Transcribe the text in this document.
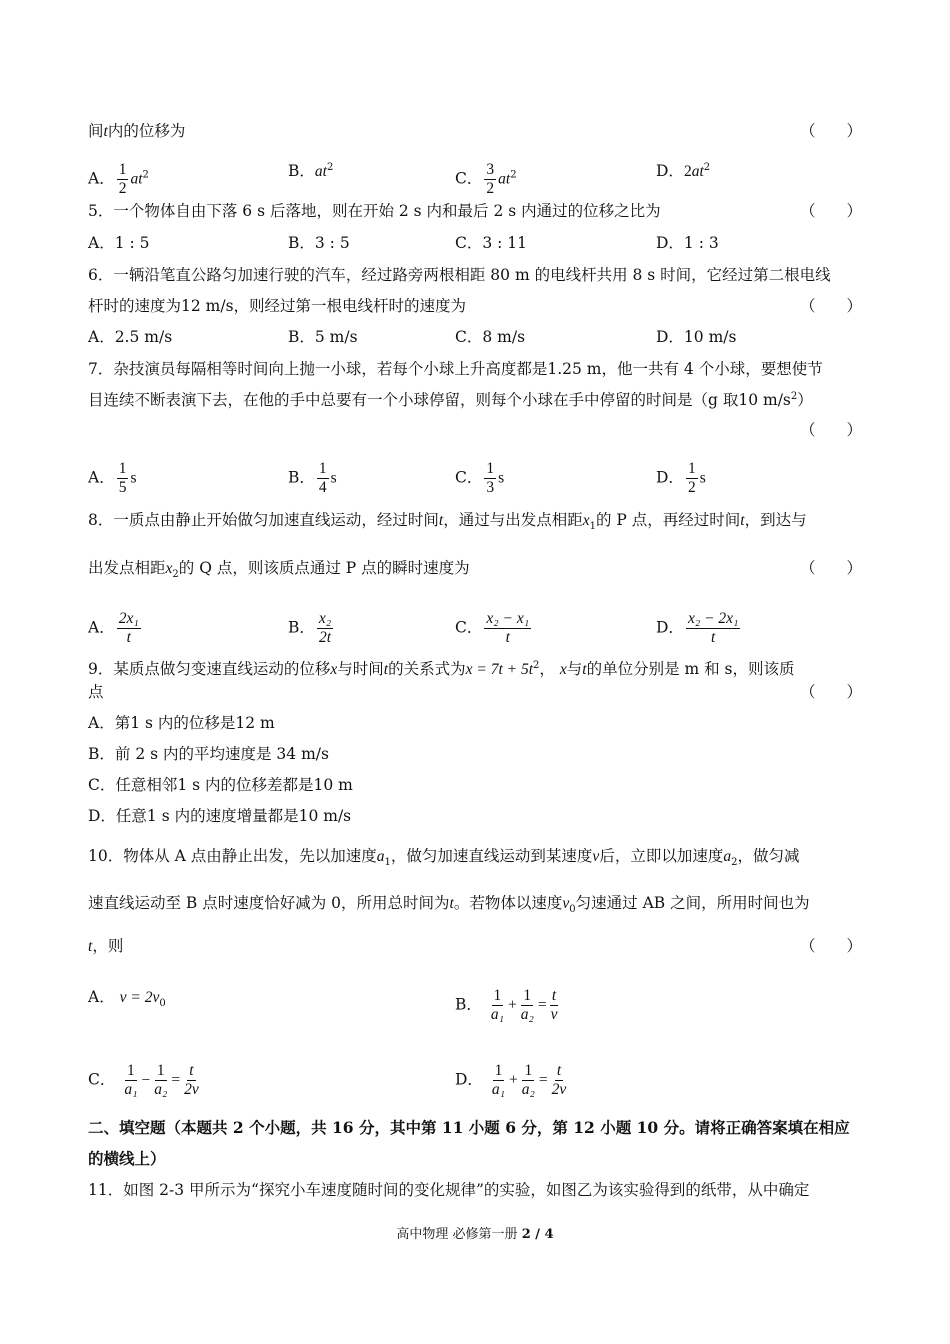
间t内的位移为	（　　）
A． $\frac{1}{2} at^2$	B．$at^2$
C． $\frac{3}{2} at^2$	D．$2at^2$
5．一个物体自由下落 6 s 后落地，则在开始 2 s 内和最后 2 s 内通过的位移之比为	（　　）
A．1 : 5	B．3 : 5	C．3 : 11	D．1 : 3
6．一辆沿笔直公路匀加速行驶的汽车，经过路旁两根相距 80 m 的电线杆共用 8 s 时间，它经过第二根电线
杆时的速度为12 m/s，则经过第一根电线杆时的速度为	（　　）
A．2.5 m/s	B．5 m/s	C．8 m/s	D．10 m/s
7．杂技演员每隔相等时间向上抛一小球，若每个小球上升高度都是1.25 m，他一共有 4 个小球，要想使节
目连续不断表演下去，在他的手中总要有一个小球停留，则每个小球在手中停留的时间是（g 取10 $m/s^2$）
（　　）
A． $\frac{1}{5}$ s	B． $\frac{1}{4}$ s	C． $\frac{1}{3}$ s	D． $\frac{1}{2}$ s
8．一质点由静止开始做匀加速直线运动，经过时间t，通过与出发点相距$x_1$的 P 点，再经过时间t，到达与
出发点相距$x_2$的 Q 点，则该质点通过 P 点的瞬时速度为	（　　）
A． $\frac{\text{2x₁}}{t}$	B． $\frac{\text{x₂}}{2t}$	C． $\frac{\text{x₂ − x₁}}{t}$	D． $\frac{\text{x₂ − 2x₁}}{t}$
9．某质点做匀变速直线运动的位移x与时间t的关系式为$x = 7t + 5t^2$， x与t的单位分别是 m 和 s，则该质
点	（　　）
A．第1 s 内的位移是12 m
B．前 2 s 内的平均速度是 34 m/s
C．任意相邻1 s 内的位移差都是10 m
D．任意1 s 内的速度增量都是10 m/s
10．物体从 A 点由静止出发，先以加速度$a_1$，做匀加速直线运动到某速度v后，立即以加速度$a_2$，做匀减
速直线运动至 B 点时速度恰好减为 0，所用总时间为t。若物体以速度$v_0$匀速通过 AB 之间，所用时间也为
t，则	（　　）
A． $v = 2v_0$	B． $\frac{1}{\text{a₁}} + \frac{1}{\text{a₂}} = \frac{t}{v}$
C． $\frac{1}{\text{a₁}} - \frac{1}{\text{a₂}} = \frac{t}{2v}$	D． $\frac{1}{\text{a₁}} + \frac{1}{\text{a₂}} = \frac{t}{2v}$
二、填空题（本题共 2 个小题，共 16 分，其中第 11 小题 6 分，第 12 小题 10 分。请将正确答案填在相应
的横线上）
11．如图 2-3 甲所示为“探究小车速度随时间的变化规律”的实验，如图乙为该实验得到的纸带，从中确定
高中物理 必修第一册 2 / 4
